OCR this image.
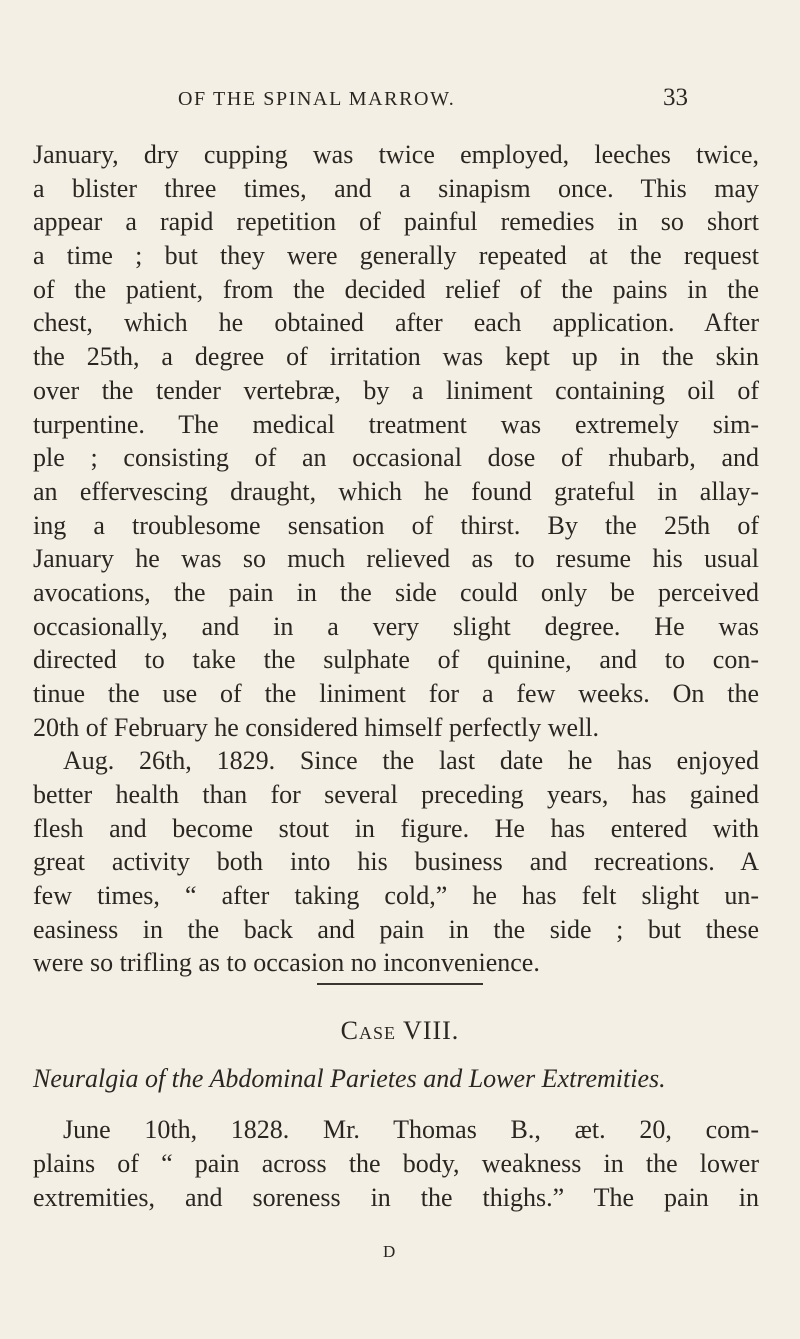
OF THE SPINAL MARROW.	33
January, dry cupping was twice employed, leeches twice,
a blister three times, and a sinapism once. This may
appear a rapid repetition of painful remedies in so short
a time ; but they were generally repeated at the request
of the patient, from the decided relief of the pains in the
chest, which he obtained after each application. After
the 25th, a degree of irritation was kept up in the skin
over the tender vertebræ, by a liniment containing oil of
turpentine. The medical treatment was extremely sim-
ple ; consisting of an occasional dose of rhubarb, and
an effervescing draught, which he found grateful in allay-
ing a troublesome sensation of thirst. By the 25th of
January he was so much relieved as to resume his usual
avocations, the pain in the side could only be perceived
occasionally, and in a very slight degree. He was
directed to take the sulphate of quinine, and to con-
tinue the use of the liniment for a few weeks. On the
20th of February he considered himself perfectly well.
Aug. 26th, 1829. Since the last date he has enjoyed
better health than for several preceding years, has gained
flesh and become stout in figure. He has entered with
great activity both into his business and recreations. A
few times, “ after taking cold,” he has felt slight un-
easiness in the back and pain in the side ; but these
were so trifling as to occasion no inconvenience.
Case VIII.
Neuralgia of the Abdominal Parietes and Lower Extremities.
June 10th, 1828. Mr. Thomas B., æt. 20, com-
plains of “ pain across the body, weakness in the lower
extremities, and soreness in the thighs.” The pain in
D
